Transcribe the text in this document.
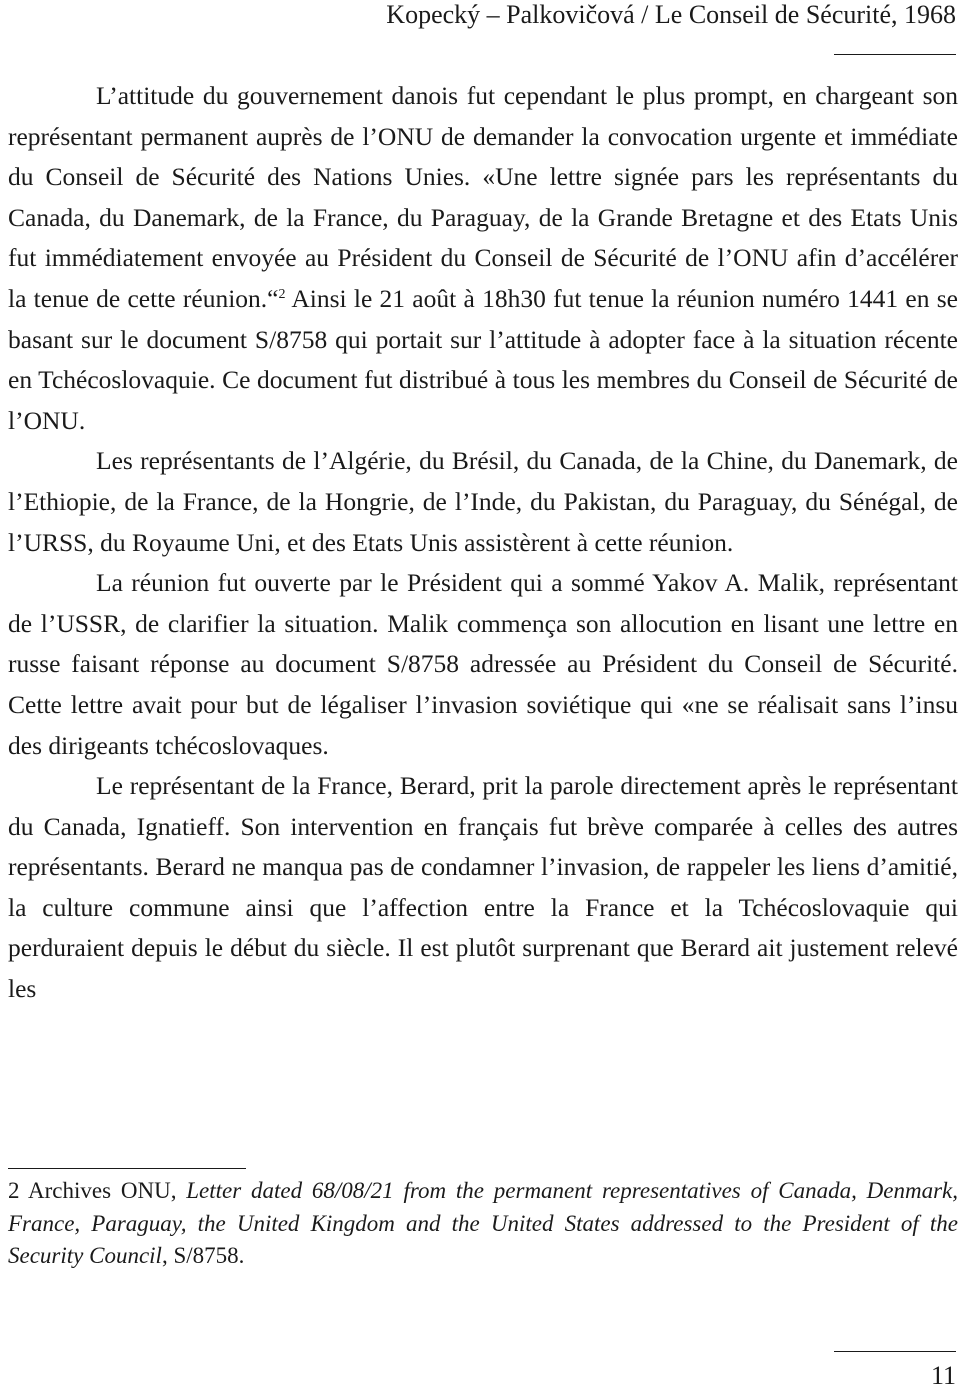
Kopecký – Palkovičová / Le Conseil de Sécurité, 1968

L’attitude du gouvernement danois fut cependant le plus prompt, en chargeant son représentant permanent auprès de l’ONU de demander la convocation urgente et immédiate du Conseil de Sécurité des Nations Unies. «Une lettre signée pars les représentants du Canada, du Danemark, de la France, du Paraguay, de la Grande Bretagne et des Etats Unis fut immédiatement envoyée au Président du Conseil de Sécurité de l’ONU afin d’accélérer la tenue de cette réunion.“$^2$ Ainsi le 21 août à 18h30 fut tenue la réunion numéro 1441 en se basant sur le document S/8758 qui portait sur l’attitude à adopter face à la situation récente en Tchécoslovaquie. Ce document fut distribué à tous les membres du Conseil de Sécurité de l’ONU.

Les représentants de l’Algérie, du Brésil, du Canada, de la Chine, du Danemark, de l’Ethiopie, de la France, de la Hongrie, de l’Inde, du Pakistan, du Paraguay, du Sénégal, de l’URSS, du Royaume Uni, et des Etats Unis assistèrent à cette réunion.

La réunion fut ouverte par le Président qui a sommé Yakov A. Malik, représentant de l’USSR, de clarifier la situation. Malik commença son allocution en lisant une lettre en russe faisant réponse au document S/8758 adressée au Président du Conseil de Sécurité. Cette lettre avait pour but de légaliser l’invasion soviétique qui «ne se réalisait sans l’insu des dirigeants tchécoslovaques.

Le représentant de la France, Berard, prit la parole directement après le représentant du Canada, Ignatieff. Son intervention en français fut brève comparée à celles des autres représentants. Berard ne manqua pas de condamner l’invasion, de rappeler les liens d’amitié, la culture commune ainsi que l’affection entre la France et la Tchécoslovaquie qui perduraient depuis le début du siècle. Il est plutôt surprenant que Berard ait justement relevé les

2 Archives ONU, Letter dated 68/08/21 from the permanent representatives of Canada, Denmark, France, Paraguay, the United Kingdom and the United States addressed to the President of the Security Council, S/8758.
11
